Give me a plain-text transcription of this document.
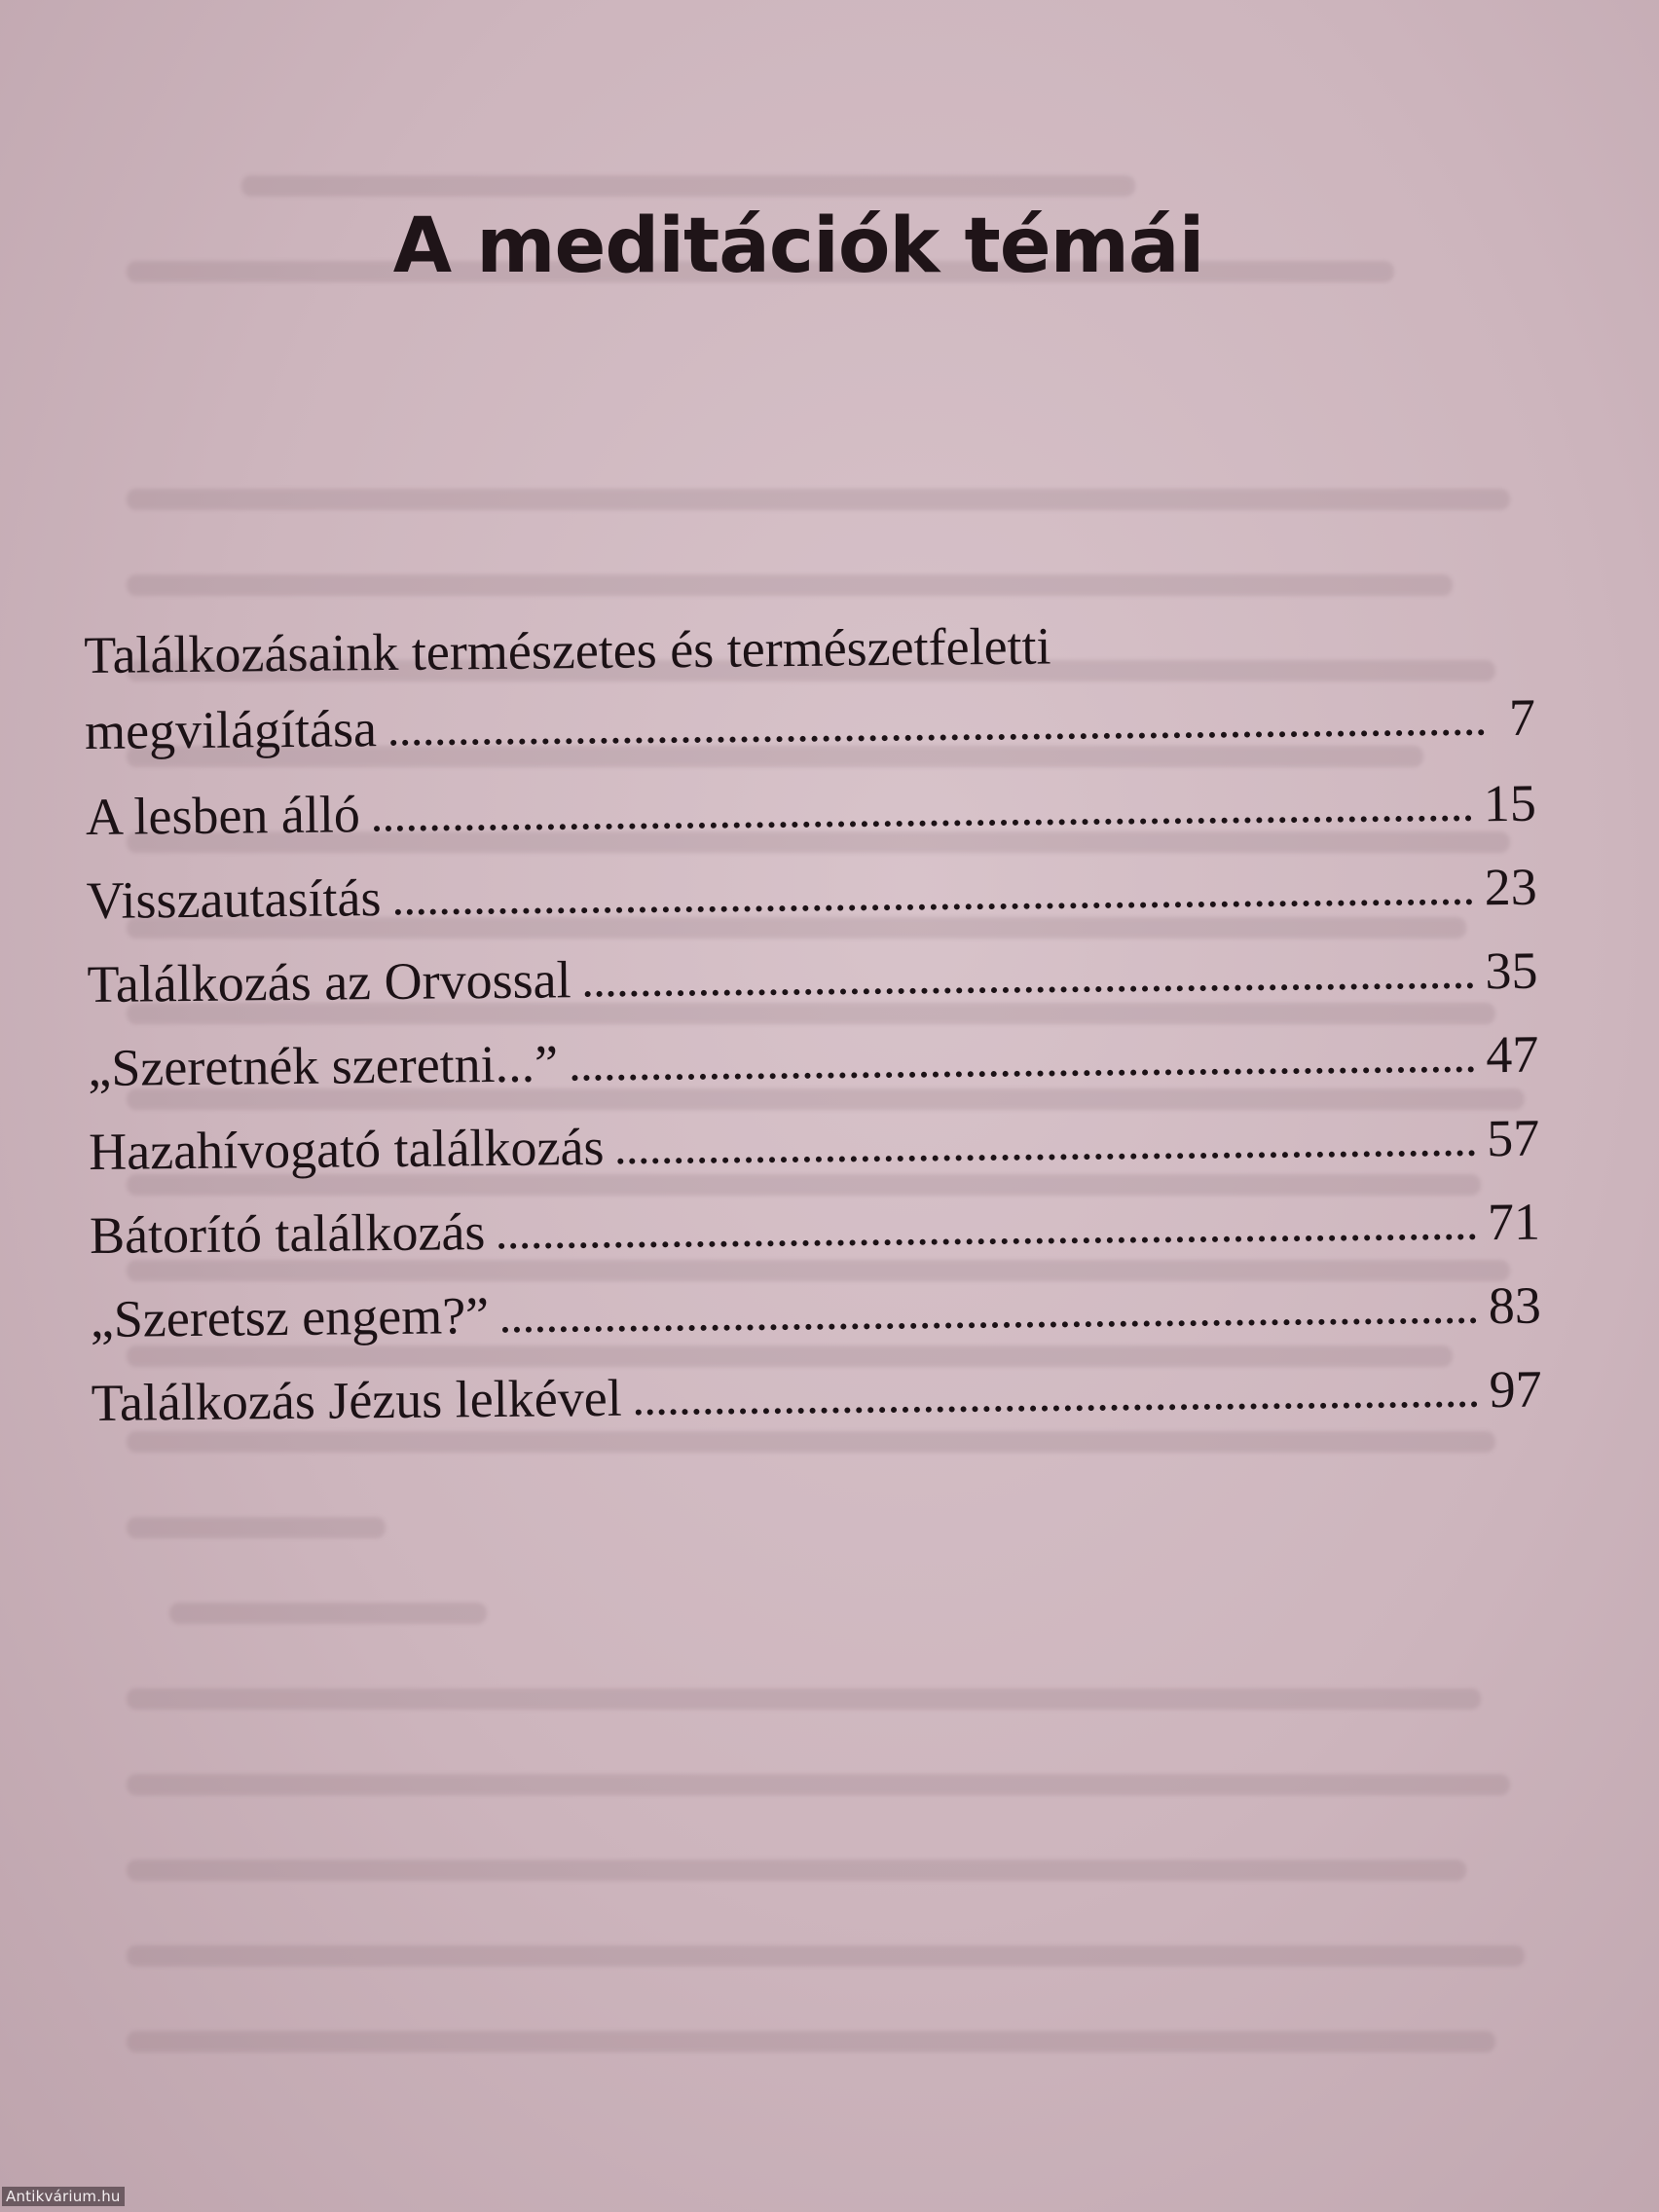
A meditációk témái
Találkozásaink természetes és természetfeletti
megvilágítása	7
A lesben álló	15
Visszautasítás	23
Találkozás az Orvossal	35
„Szeretnék szeretni...”	47
Hazahívogató találkozás	57
Bátorító találkozás	71
„Szeretsz engem?”	83
Találkozás Jézus lelkével	97
Antikvárium.hu
